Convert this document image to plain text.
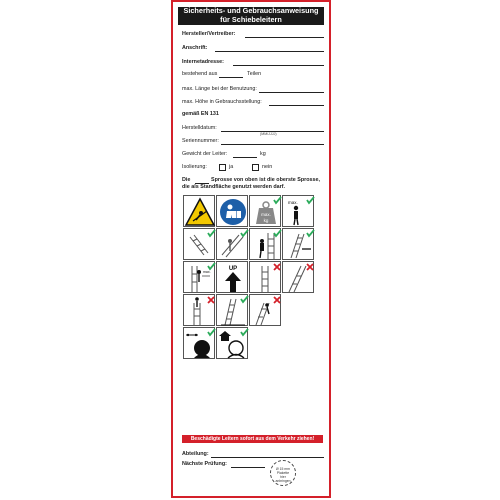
Sicherheits- und Gebrauchsanweisung
für Schiebeleitern
Hersteller/Vertreiber:
Anschrift:
Internetadresse:
bestehend aus	Teilen
max. Länge bei der Benutzung:
max. Höhe in Gebrauchsstellung:
gemäß EN 131
Herstelldatum:
(MM/JJJJ)
Seriennummer:
Gewicht der Leiter:	kg
Isolierung:	ja	nein
Die	Sprosse von oben ist die oberste Sprosse,
die als Standfläche genutzt werden darf.
max.
kg
max.
max.	UP
Beschädigte Leitern sofort aus dem Verkehr ziehen!
Abteilung:
Nächste Prüfung:
Ø 15 mm
Plakette
hier
anbringen
